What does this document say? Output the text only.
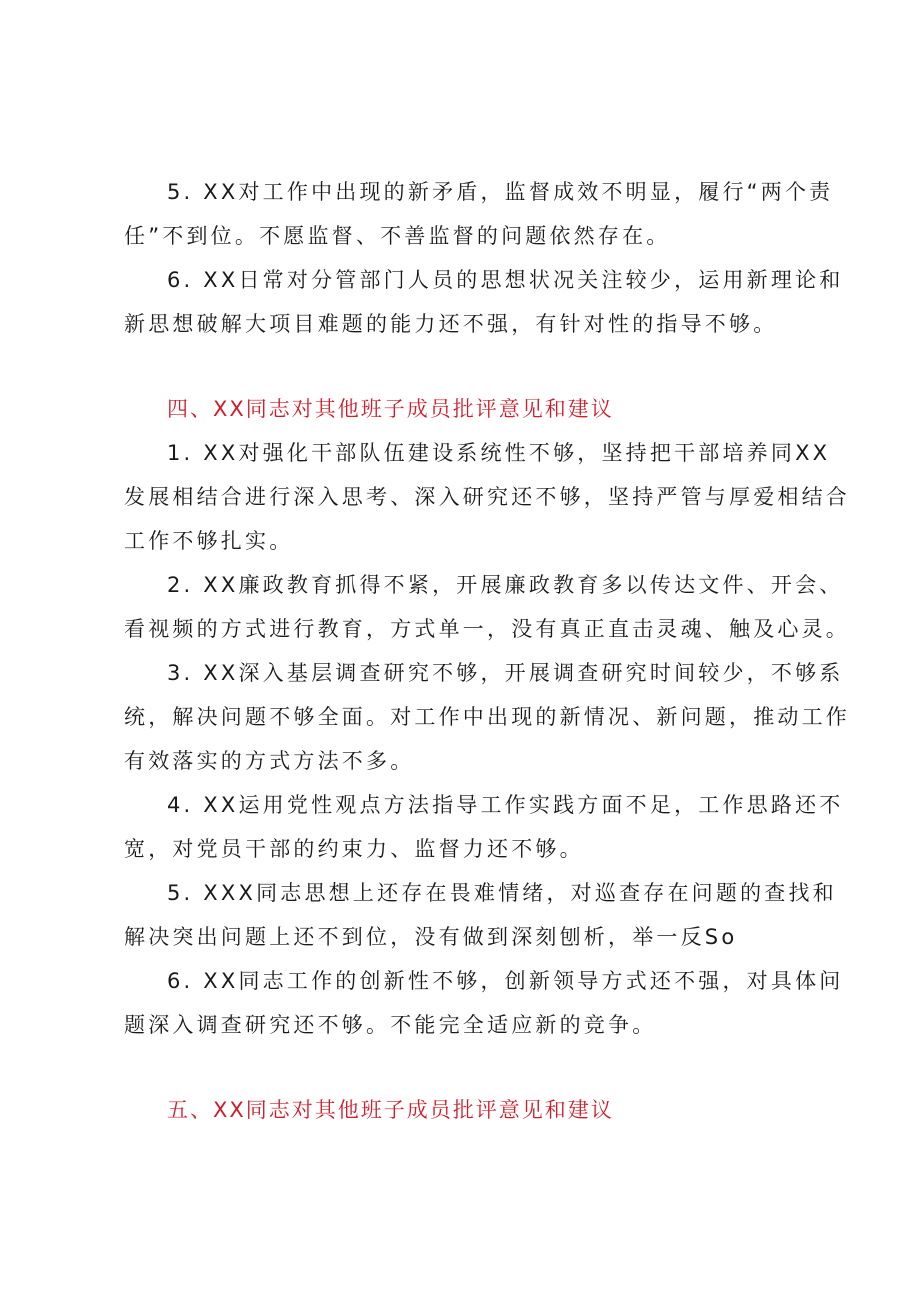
5. XX对工作中出现的新矛盾，监督成效不明显，履行“两个责
任”不到位。不愿监督、不善监督的问题依然存在。
6. XX日常对分管部门人员的思想状况关注较少，运用新理论和
新思想破解大项目难题的能力还不强，有针对性的指导不够。
四、XX同志对其他班子成员批评意见和建议
1. XX对强化干部队伍建设系统性不够，坚持把干部培养同XX
发展相结合进行深入思考、深入研究还不够，坚持严管与厚爱相结合
工作不够扎实。
2. XX廉政教育抓得不紧，开展廉政教育多以传达文件、开会、
看视频的方式进行教育，方式单一，没有真正直击灵魂、触及心灵。
3. XX深入基层调查研究不够，开展调查研究时间较少，不够系
统，解决问题不够全面。对工作中出现的新情况、新问题，推动工作
有效落实的方式方法不多。
4. XX运用党性观点方法指导工作实践方面不足，工作思路还不
宽，对党员干部的约束力、监督力还不够。
5. XXX同志思想上还存在畏难情绪，对巡查存在问题的查找和
解决突出问题上还不到位，没有做到深刻刨析，举一反So
6. XX同志工作的创新性不够，创新领导方式还不强，对具体问
题深入调查研究还不够。不能完全适应新的竞争。
五、XX同志对其他班子成员批评意见和建议
